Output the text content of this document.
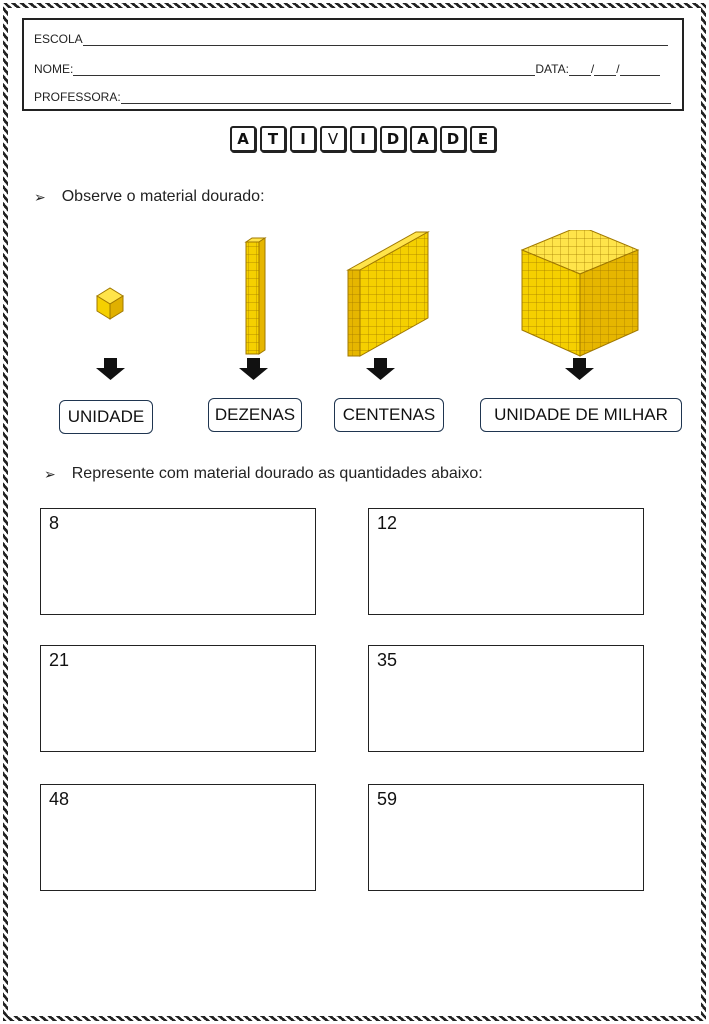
ESCOLA
NOME:	DATA: / /
PROFESSORA:
A	T	I	V	I	D	A	D	E
➢ Observe o material dourado:
UNIDADE	DEZENAS	CENTENAS	UNIDADE DE MILHAR
➢ Represente com material dourado as quantidades abaixo:
8	12
21	35
48	59
